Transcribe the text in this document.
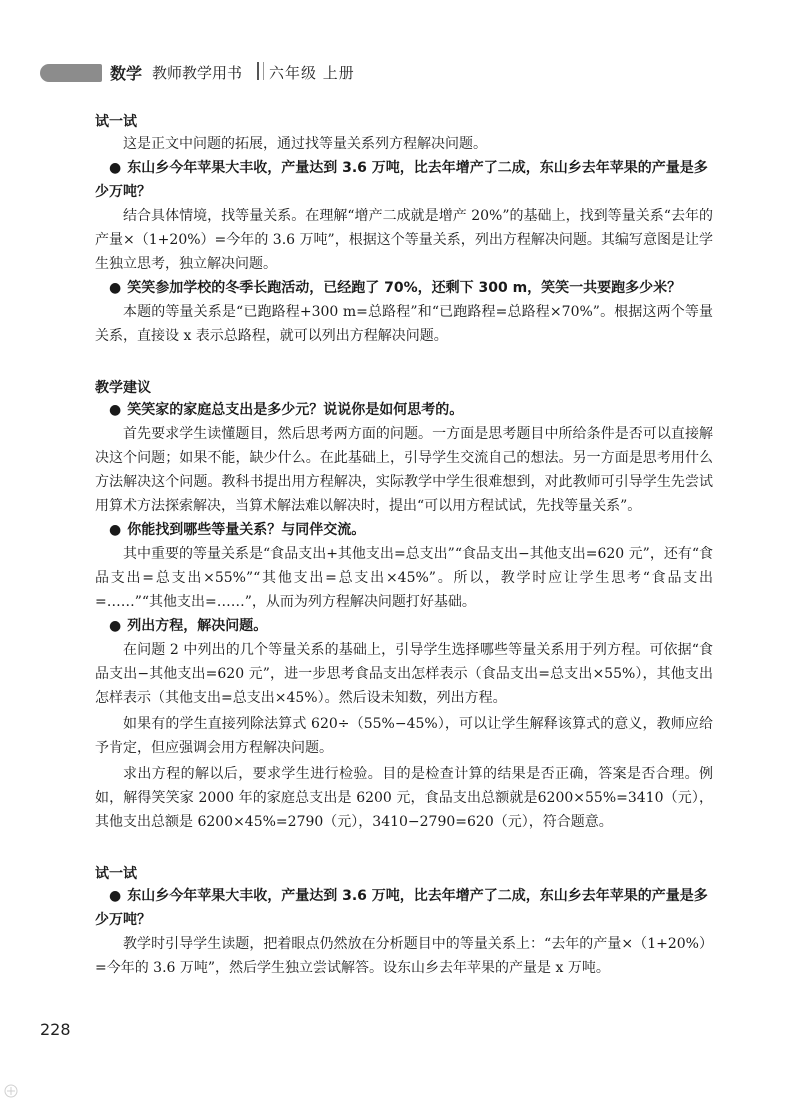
数学 教师教学用书 六年级 上册
试一试

这是正文中问题的拓展，通过找等量关系列方程解决问题。

● 东山乡今年苹果大丰收，产量达到 3.6 万吨，比去年增产了二成，东山乡去年苹果的产量是多少万吨？

结合具体情境，找等量关系。在理解“增产二成就是增产 20%”的基础上，找到等量关系“去年的产量×（1+20%）=今年的 3.6 万吨”，根据这个等量关系，列出方程解决问题。其编写意图是让学生独立思考，独立解决问题。

● 笑笑参加学校的冬季长跑活动，已经跑了 70%，还剩下 300 m，笑笑一共要跑多少米？

本题的等量关系是“已跑路程+300 m=总路程”和“已跑路程=总路程×70%”。根据这两个等量关系，直接设 x 表示总路程，就可以列出方程解决问题。

教学建议

● 笑笑家的家庭总支出是多少元？说说你是如何思考的。

首先要求学生读懂题目，然后思考两方面的问题。一方面是思考题目中所给条件是否可以直接解决这个问题；如果不能，缺少什么。在此基础上，引导学生交流自己的想法。另一方面是思考用什么方法解决这个问题。教科书提出用方程解决，实际教学中学生很难想到，对此教师可引导学生先尝试用算术方法探索解决，当算术解法难以解决时，提出“可以用方程试试，先找等量关系”。

● 你能找到哪些等量关系？与同伴交流。

其中重要的等量关系是“食品支出+其他支出=总支出”“食品支出−其他支出=620 元”，还有“食品支出=总支出×55%”“其他支出=总支出×45%”。所以，教学时应让学生思考“食品支出=……”“其他支出=……”，从而为列方程解决问题打好基础。

● 列出方程，解决问题。

在问题 2 中列出的几个等量关系的基础上，引导学生选择哪些等量关系用于列方程。可依据“食品支出−其他支出=620 元”，进一步思考食品支出怎样表示（食品支出=总支出×55%），其他支出怎样表示（其他支出=总支出×45%）。然后设未知数，列出方程。

如果有的学生直接列除法算式 620÷（55%−45%），可以让学生解释该算式的意义，教师应给予肯定，但应强调会用方程解决问题。

求出方程的解以后，要求学生进行检验。目的是检查计算的结果是否正确，答案是否合理。例如，解得笑笑家 2000 年的家庭总支出是 6200 元，食品支出总额就是6200×55%=3410（元），其他支出总额是 6200×45%=2790（元），3410−2790=620（元），符合题意。

试一试

● 东山乡今年苹果大丰收，产量达到 3.6 万吨，比去年增产了二成，东山乡去年苹果的产量是多少万吨？

教学时引导学生读题，把着眼点仍然放在分析题目中的等量关系上：“去年的产量×（1+20%）=今年的 3.6 万吨”，然后学生独立尝试解答。设东山乡去年苹果的产量是 x 万吨。

228
